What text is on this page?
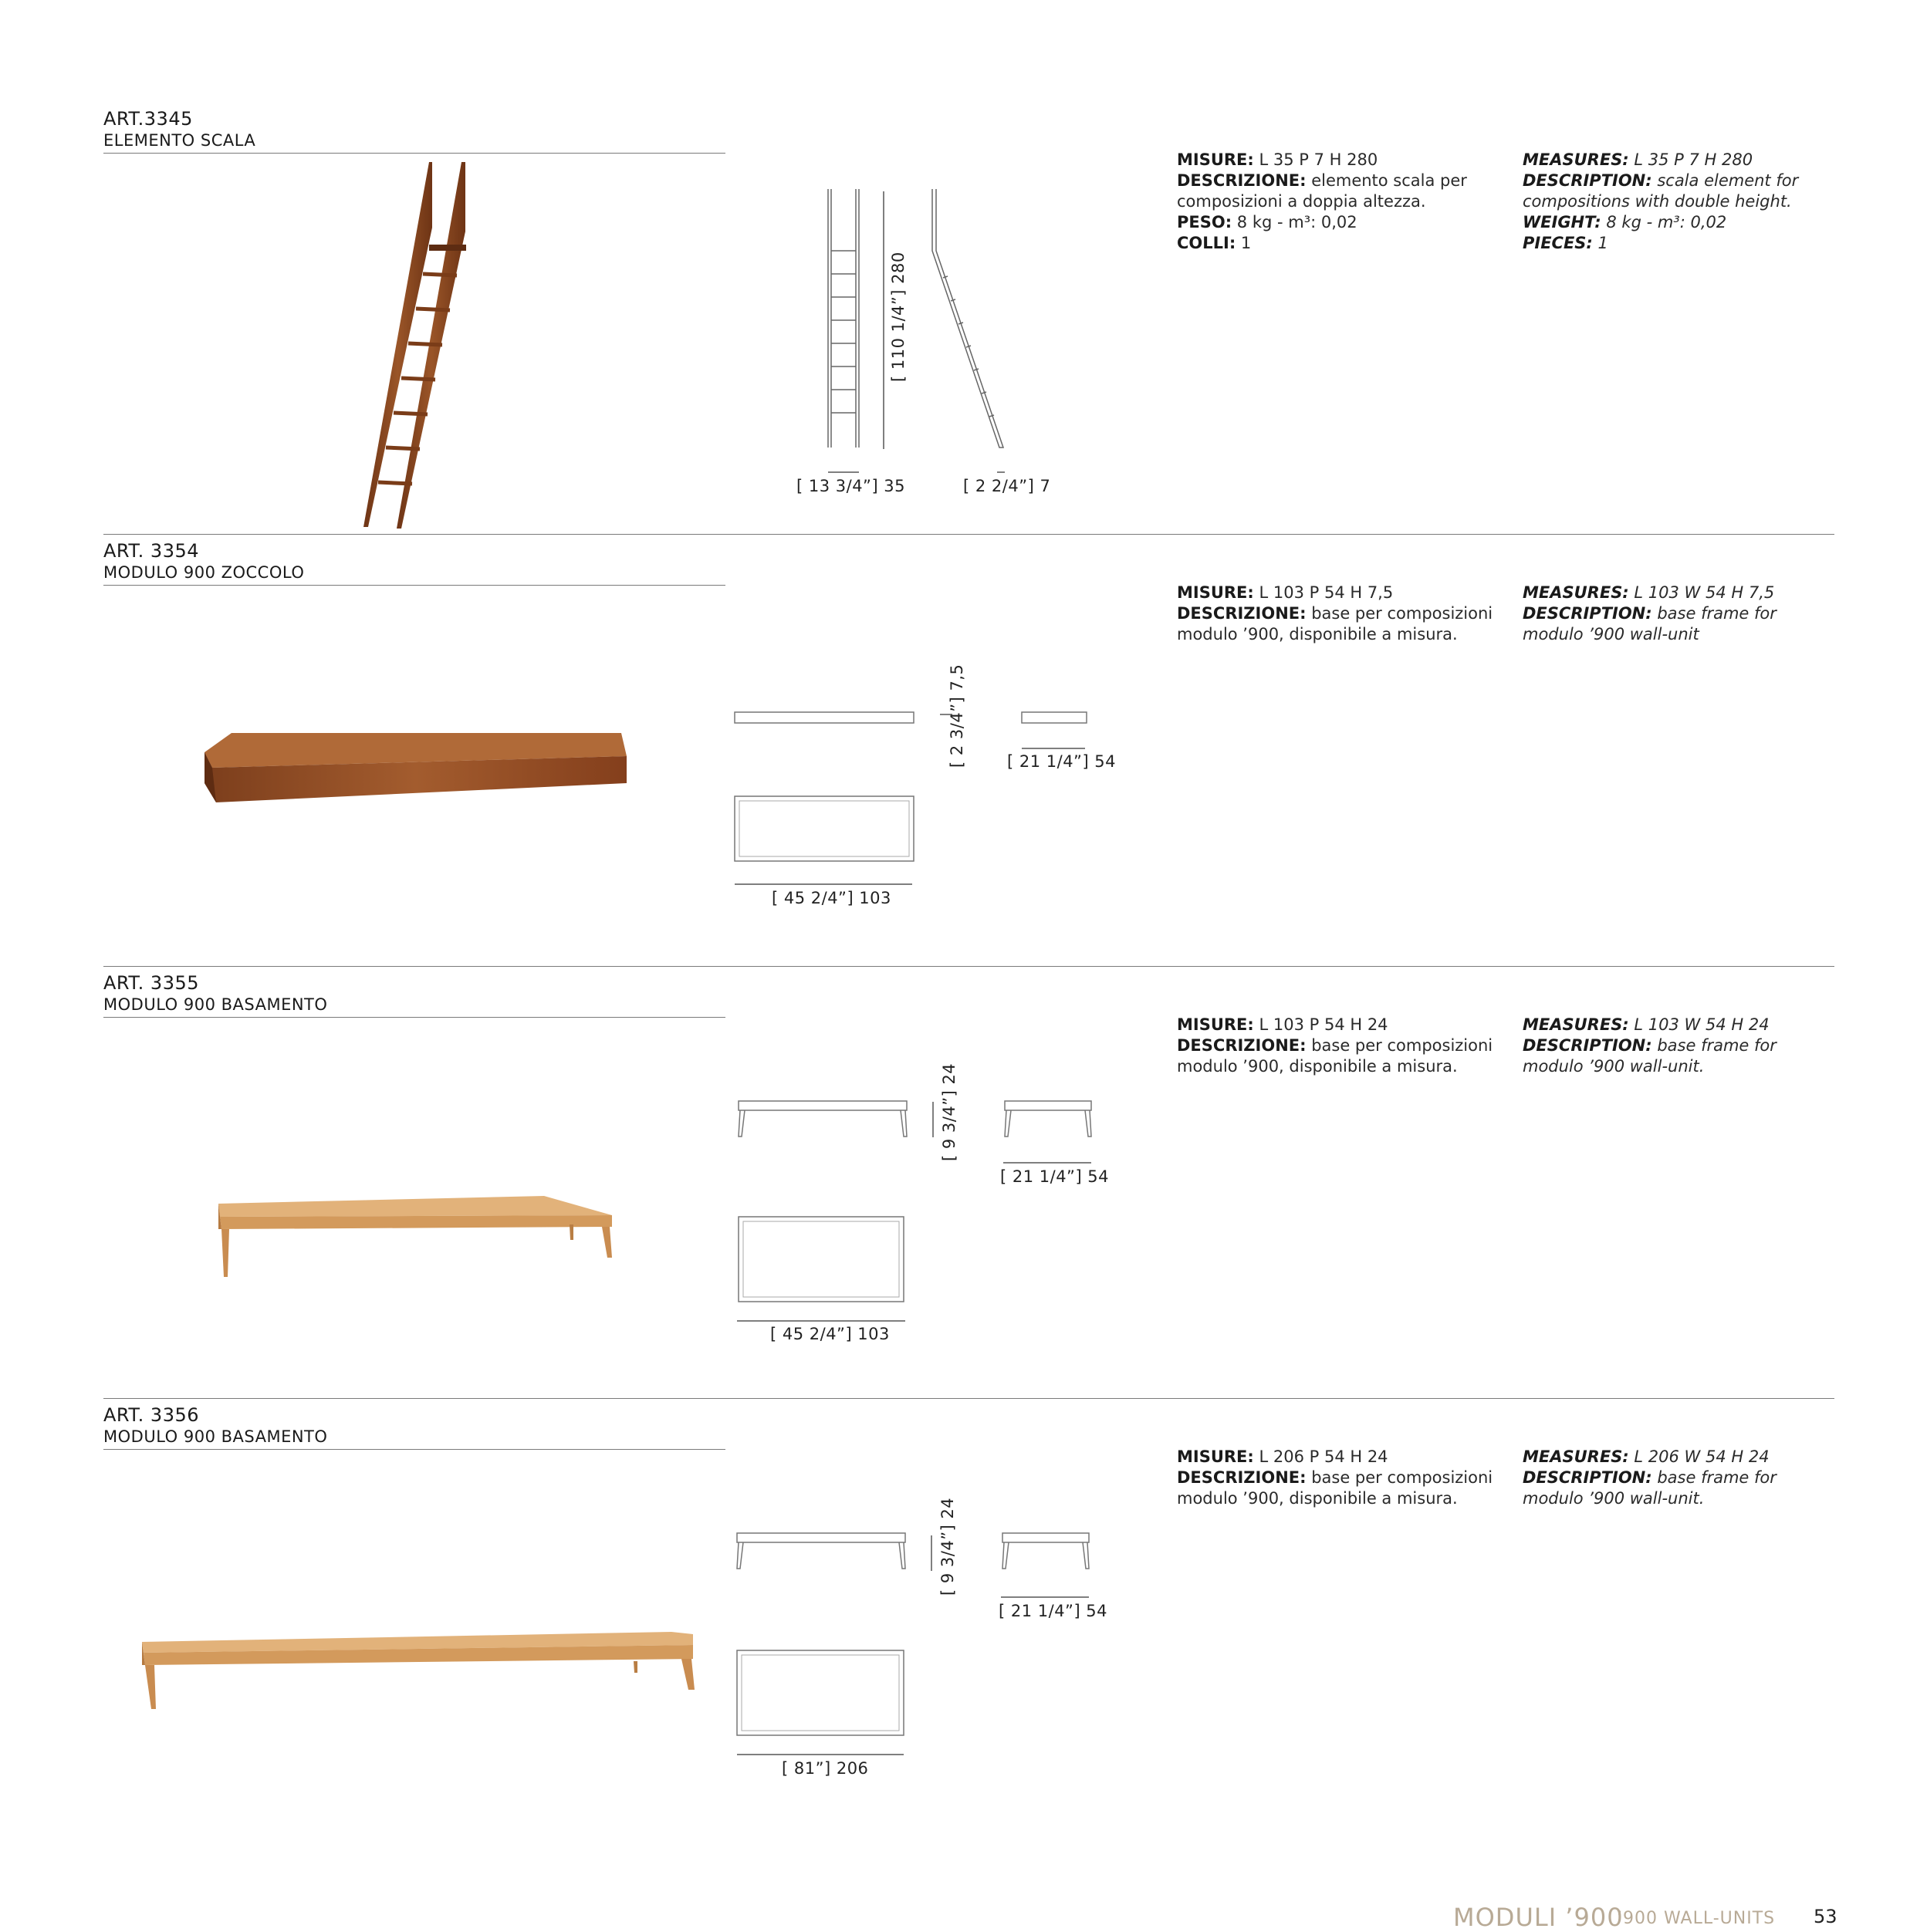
ART.3345
ELEMENTO SCALA
[ 110 1/4”] 280
[ 13 3/4”] 35	[ 2 2/4”] 7
MISURE: L 35 P 7 H 280
DESCRIZIONE: elemento scala per
composizioni a doppia altezza.
PESO: 8 kg - m³: 0,02
COLLI: 1
MEASURES: L 35 P 7 H 280
DESCRIPTION: scala element for
compositions with double height.
WEIGHT: 8 kg - m³: 0,02
PIECES: 1
ART. 3354
MODULO 900 ZOCCOLO
[ 2 3/4”] 7,5	[ 21 1/4”] 54
[ 45 2/4”] 103
MISURE: L 103 P 54 H 7,5
DESCRIZIONE: base per composizioni
modulo ’900, disponibile a misura.
MEASURES: L 103 W 54 H 7,5
DESCRIPTION: base frame for
modulo ’900 wall-unit
ART. 3355
MODULO 900 BASAMENTO
[ 9 3/4”] 24
[ 21 1/4”] 54
[ 45 2/4”] 103
MISURE: L 103 P 54 H 24
DESCRIZIONE: base per composizioni
modulo ’900, disponibile a misura.
MEASURES: L 103 W 54 H 24
DESCRIPTION: base frame for
modulo ’900 wall-unit.
ART. 3356
MODULO 900 BASAMENTO
[ 9 3/4”] 24
[ 21 1/4”] 54
[ 81”] 206
MISURE: L 206 P 54 H 24
DESCRIZIONE: base per composizioni
modulo ’900, disponibile a misura.
MEASURES: L 206 W 54 H 24
DESCRIPTION: base frame for
modulo ’900 wall-unit.
MODULI ’900
’900 WALL-UNITS 53
